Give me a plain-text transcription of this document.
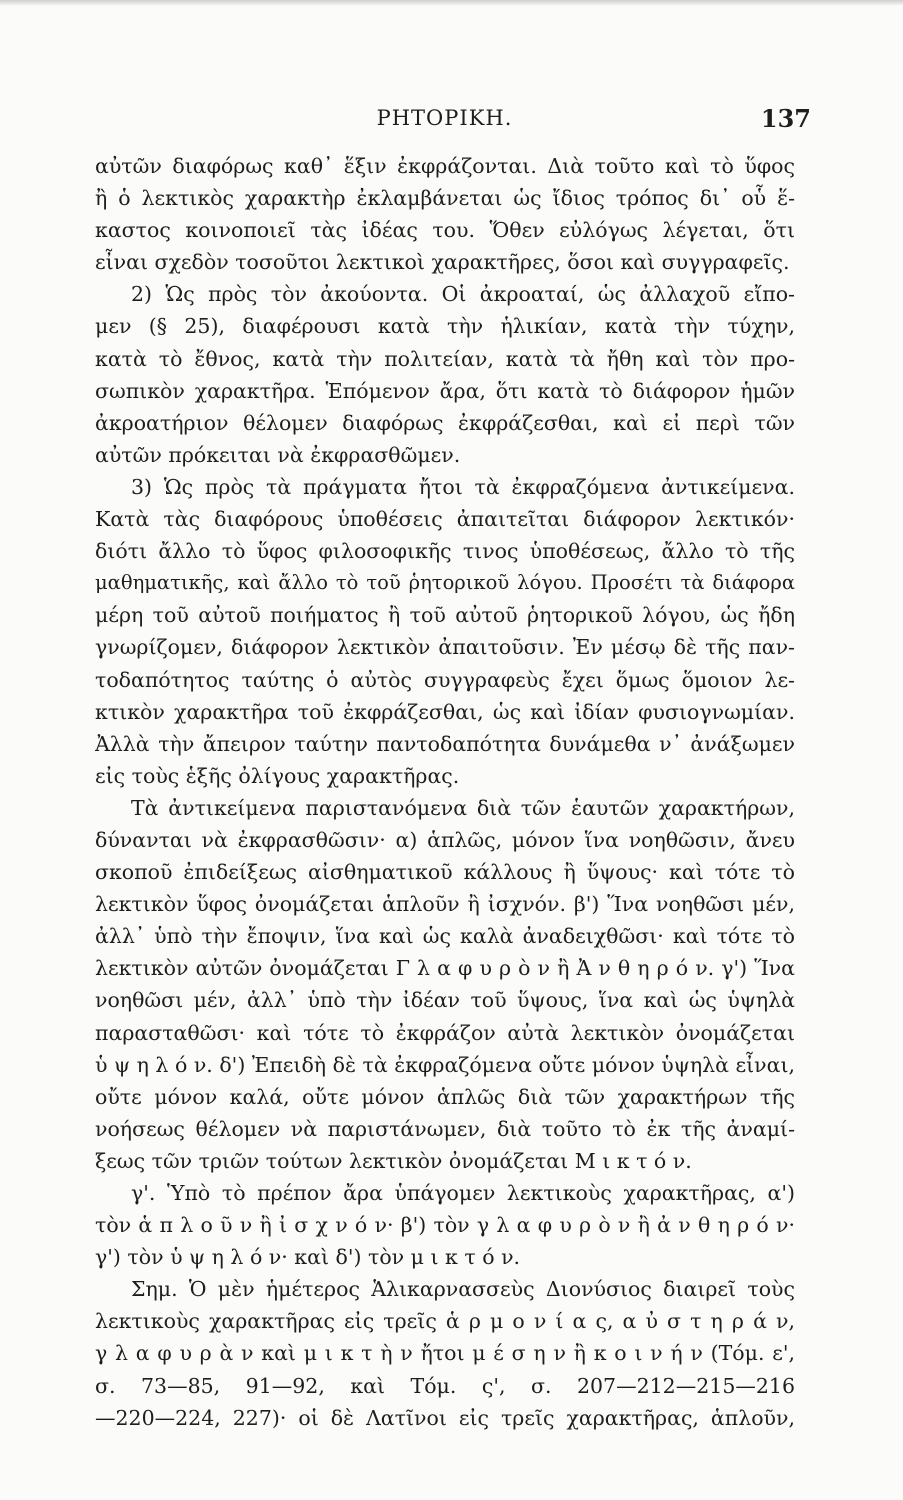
ΡΗΤΟΡΙΚΗ.	137
αὐτῶν διαφόρως καθ᾽ ἕξιν ἐκφράζονται. Διὰ τοῦτο καὶ τὸ ὕφος
ἢ ὁ λεκτικὸς χαρακτὴρ ἐκλαμβάνεται ὡς ἴδιος τρόπος δι᾽ οὗ ἕ-
καστος κοινοποιεῖ τὰς ἰδέας του. Ὅθεν εὐλόγως λέγεται, ὅτι
εἶναι σχεδὸν τοσοῦτοι λεκτικοὶ χαρακτῆρες, ὅσοι καὶ συγγραφεῖς.
2) Ὡς πρὸς τὸν ἀκούοντα. Οἱ ἀκροαταί, ὡς ἀλλαχοῦ εἴπο-
μεν (§ 25), διαφέρουσι κατὰ τὴν ἡλικίαν, κατὰ τὴν τύχην,
κατὰ τὸ ἔθνος, κατὰ τὴν πολιτείαν, κατὰ τὰ ἤθη καὶ τὸν προ-
σωπικὸν χαρακτῆρα. Ἑπόμενον ἄρα, ὅτι κατὰ τὸ διάφορον ἡμῶν
ἀκροατήριον θέλομεν διαφόρως ἐκφράζεσθαι, καὶ εἰ περὶ τῶν
αὐτῶν πρόκειται νὰ ἐκφρασθῶμεν.
3) Ὡς πρὸς τὰ πράγματα ἤτοι τὰ ἐκφραζόμενα ἀντικείμενα.
Κατὰ τὰς διαφόρους ὑποθέσεις ἀπαιτεῖται διάφορον λεκτικόν·
διότι ἄλλο τὸ ὕφος φιλοσοφικῆς τινος ὑποθέσεως, ἄλλο τὸ τῆς
μαθηματικῆς, καὶ ἄλλο τὸ τοῦ ῥητορικοῦ λόγου. Προσέτι τὰ διάφορα
μέρη τοῦ αὐτοῦ ποιήματος ἢ τοῦ αὐτοῦ ῥητορικοῦ λόγου, ὡς ἤδη
γνωρίζομεν, διάφορον λεκτικὸν ἀπαιτοῦσιν. Ἐν μέσῳ δὲ τῆς παν-
τοδαπότητος ταύτης ὁ αὐτὸς συγγραφεὺς ἔχει ὅμως ὅμοιον λε-
κτικὸν χαρακτῆρα τοῦ ἐκφράζεσθαι, ὡς καὶ ἰδίαν φυσιογνωμίαν.
Ἀλλὰ τὴν ἄπειρον ταύτην παντοδαπότητα δυνάμεθα ν᾽ ἀνάξωμεν
εἰς τοὺς ἑξῆς ὀλίγους χαρακτῆρας.
Τὰ ἀντικείμενα παριστανόμενα διὰ τῶν ἑαυτῶν χαρακτήρων,
δύνανται νὰ ἐκφρασθῶσιν· α) ἁπλῶς, μόνον ἵνα νοηθῶσιν, ἄνευ
σκοποῦ ἐπιδείξεως αἰσθηματικοῦ κάλλους ἢ ὕψους· καὶ τότε τὸ
λεκτικὸν ὕφος ὀνομάζεται ἁπλοῦν ἢ ἰσχνόν. β') Ἵνα νοηθῶσι μέν,
ἀλλ᾽ ὑπὸ τὴν ἔποψιν, ἵνα καὶ ὡς καλὰ ἀναδειχθῶσι· καὶ τότε τὸ
λεκτικὸν αὐτῶν ὀνομάζεται Γ λ α φ υ ρ ὸ ν ἢ Ἀ ν θ η ρ ό ν. γ') Ἵνα
νοηθῶσι μέν, ἀλλ᾽ ὑπὸ τὴν ἰδέαν τοῦ ὕψους, ἵνα καὶ ὡς ὑψηλὰ
παρασταθῶσι· καὶ τότε τὸ ἐκφράζον αὐτὰ λεκτικὸν ὀνομάζεται
ὑ ψ η λ ό ν. δ') Ἐπειδὴ δὲ τὰ ἐκφραζόμενα οὔτε μόνον ὑψηλὰ εἶναι,
οὔτε μόνον καλά, οὔτε μόνον ἁπλῶς διὰ τῶν χαρακτήρων τῆς
νοήσεως θέλομεν νὰ παριστάνωμεν, διὰ τοῦτο τὸ ἐκ τῆς ἀναμί-
ξεως τῶν τριῶν τούτων λεκτικὸν ὀνομάζεται Μ ι κ τ ό ν.
γ'. Ὑπὸ τὸ πρέπον ἄρα ὑπάγομεν λεκτικοὺς χαρακτῆρας, α')
τὸν ἁ π λ ο ῦ ν ἢ ἰ σ χ ν ό ν· β') τὸν γ λ α φ υ ρ ὸ ν ἢ ἀ ν θ η ρ ό ν·
γ') τὸν ὑ ψ η λ ό ν· καὶ δ') τὸν μ ι κ τ ό ν.
Σημ. Ὁ μὲν ἡμέτερος Ἁλικαρνασσεὺς Διονύσιος διαιρεῖ τοὺς
λεκτικοὺς χαρακτῆρας εἰς τρεῖς ἁ ρ μ ο ν ί α ς, α ὐ σ τ η ρ ά ν,
γ λ α φ υ ρ ὰ ν καὶ μ ι κ τ ὴ ν ἤτοι μ έ σ η ν ἢ κ ο ι ν ή ν (Τόμ. ε',
σ. 73—85, 91—92, καὶ Τόμ. ς', σ. 207—212—215—216
—220—224, 227)· οἱ δὲ Λατῖνοι εἰς τρεῖς χαρακτῆρας, ἁπλοῦν,
